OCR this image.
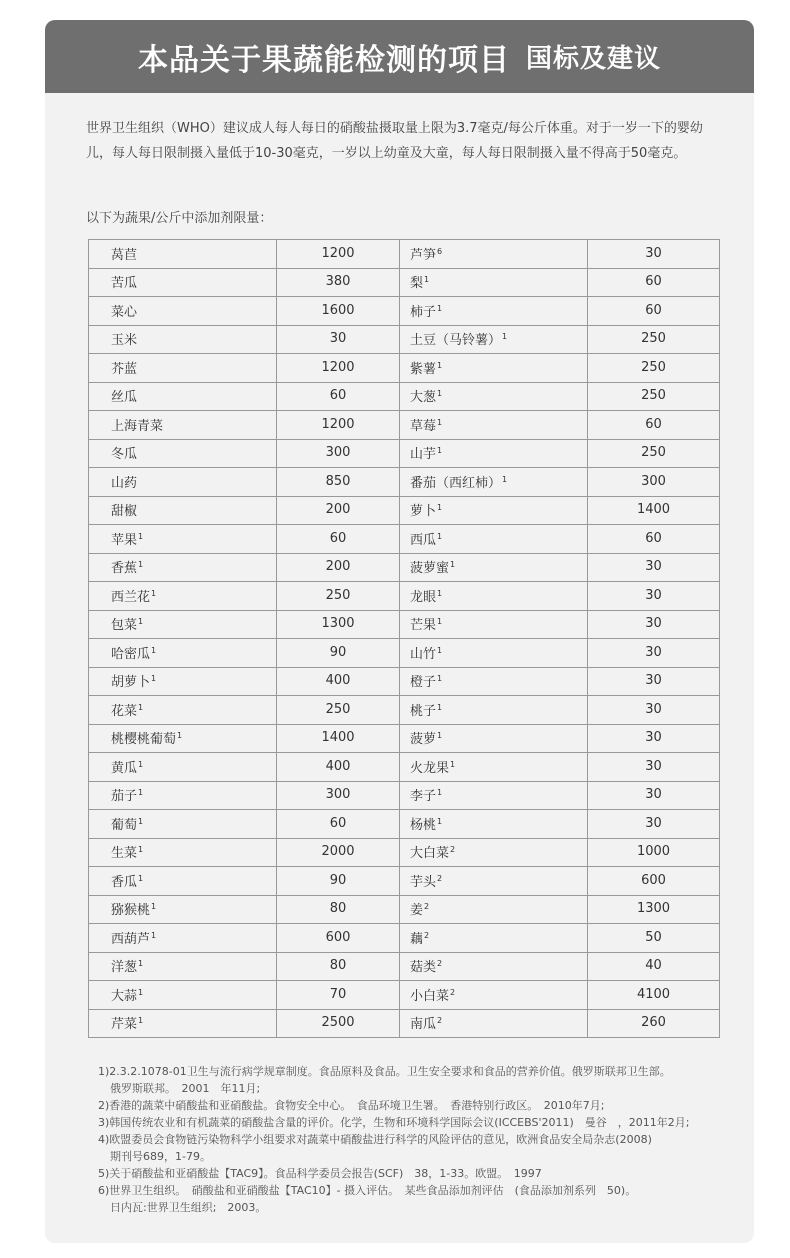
本品关于果蔬能检测的项目 国标及建议
世界卫生组织（WHO）建议成人每人每日的硝酸盐摄取量上限为3.7毫克/每公斤体重。对于一岁一下的婴幼儿，每人每日限制摄入量低于10-30毫克，一岁以上幼童及大童，每人每日限制摄入量不得高于50毫克。
以下为蔬果/公斤中添加剂限量：
莴苣	1200	芦笋$^6$	30
苦瓜	380	梨$^1$	60
菜心	1600	柿子$^1$	60
玉米	30	土豆（马铃薯）$^1$	250
芥蓝	1200	紫薯$^1$	250
丝瓜	60	大葱$^1$	250
上海青菜	1200	草莓$^1$	60
冬瓜	300	山芋$^1$	250
山药	850	番茄（西红柿）$^1$	300
甜椒	200	萝卜$^1$	1400
苹果$^1$	60	西瓜$^1$	60
香蕉$^1$	200	菠萝蜜$^1$	30
西兰花$^1$	250	龙眼$^1$	30
包菜$^1$	1300	芒果$^1$	30
哈密瓜$^1$	90	山竹$^1$	30
胡萝卜$^1$	400	橙子$^1$	30
花菜$^1$	250	桃子$^1$	30
桃樱桃葡萄$^1$	1400	菠萝$^1$	30
黄瓜$^1$	400	火龙果$^1$	30
茄子$^1$	300	李子$^1$	30
葡萄$^1$	60	杨桃$^1$	30
生菜$^1$	2000	大白菜$^2$	1000
香瓜$^1$	90	芋头$^2$	600
猕猴桃$^1$	80	姜$^2$	1300
西葫芦$^1$	600	藕$^2$	50
洋葱$^1$	80	菇类$^2$	40
大蒜$^1$	70	小白菜$^2$	4100
芹菜$^1$	2500	南瓜$^2$	260
1)2.3.2.1078-01卫生与流行病学规章制度。食品原料及食品。卫生安全要求和食品的营养价值。俄罗斯联邦卫生部。
俄罗斯联邦。　2001　年11月;
2)香港的蔬菜中硝酸盐和亚硝酸盐。食物安全中心。　食品环境卫生署。　香港特别行政区。　2010年7月;
3)韩国传统农业和有机蔬菜的硝酸盐含量的评价。化学，生物和环境科学国际会议(ICCEBS'2011)　曼谷　，2011年2月;
4)欧盟委员会食物链污染物科学小组要求对蔬菜中硝酸盐进行科学的风险评估的意见，欧洲食品安全局杂志(2008)
期刊号689，1-79。
5)关于硝酸盐和亚硝酸盐【TAC9】。食品科学委员会报告(SCF)　38，1-33。欧盟。　1997
6)世界卫生组织。　硝酸盐和亚硝酸盐【TAC10】- 摄入评估。　某些食品添加剂评估　(食品添加剂系列　50)。
日内瓦:世界卫生组织;　2003。
